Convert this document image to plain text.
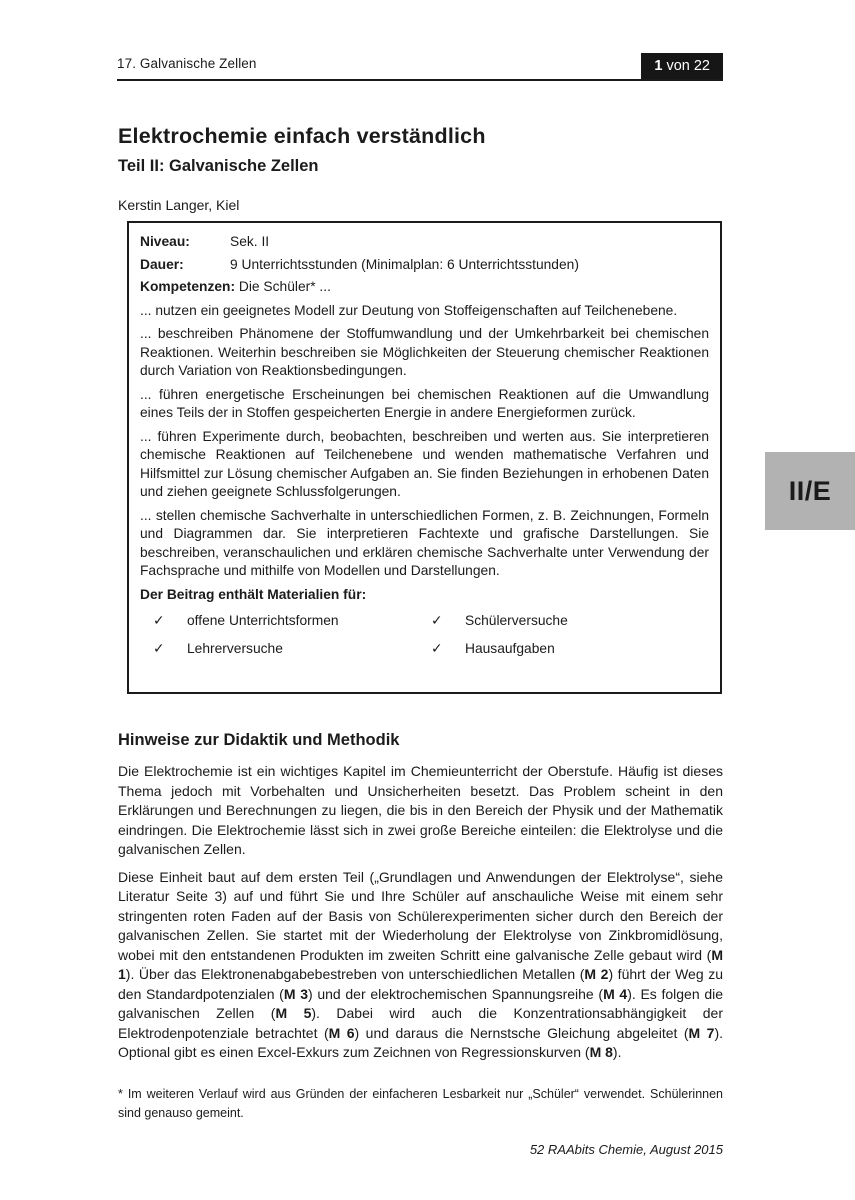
17. Galvanische Zellen	1 von 22
Elektrochemie einfach verständlich
Teil II: Galvanische Zellen
Kerstin Langer, Kiel
Niveau:	Sek. II
Dauer:	9 Unterrichtsstunden (Minimalplan: 6 Unterrichtsstunden)
Kompetenzen: Die Schüler* ...
... nutzen ein geeignetes Modell zur Deutung von Stoffeigenschaften auf Teilchenebene.
... beschreiben Phänomene der Stoffumwandlung und der Umkehrbarkeit bei chemischen Reaktionen. Weiterhin beschreiben sie Möglichkeiten der Steuerung chemischer Reaktionen durch Variation von Reaktionsbedingungen.
... führen energetische Erscheinungen bei chemischen Reaktionen auf die Umwandlung eines Teils der in Stoffen gespeicherten Energie in andere Energieformen zurück.
... führen Experimente durch, beobachten, beschreiben und werten aus. Sie interpretieren chemische Reaktionen auf Teilchenebene und wenden mathematische Verfahren und Hilfsmittel zur Lösung chemischer Aufgaben an. Sie finden Beziehungen in erhobenen Daten und ziehen geeignete Schlussfolgerungen.
... stellen chemische Sachverhalte in unterschiedlichen Formen, z. B. Zeichnungen, Formeln und Diagrammen dar. Sie interpretieren Fachtexte und grafische Darstellungen. Sie beschreiben, veranschaulichen und erklären chemische Sachverhalte unter Verwendung der Fachsprache und mithilfe von Modellen und Darstellungen.
Der Beitrag enthält Materialien für:
✓	offene Unterrichtsformen	✓	Schülerversuche
✓	Lehrerversuche	✓	Hausaufgaben
II/E
Hinweise zur Didaktik und Methodik

Die Elektrochemie ist ein wichtiges Kapitel im Chemieunterricht der Oberstufe. Häufig ist dieses Thema jedoch mit Vorbehalten und Unsicherheiten besetzt. Das Problem scheint in den Erklärungen und Berechnungen zu liegen, die bis in den Bereich der Physik und der Mathematik eindringen. Die Elektrochemie lässt sich in zwei große Bereiche einteilen: die Elektrolyse und die galvanischen Zellen.

Diese Einheit baut auf dem ersten Teil („Grundlagen und Anwendungen der Elektrolyse“, siehe Literatur Seite 3) auf und führt Sie und Ihre Schüler auf anschauliche Weise mit einem sehr stringenten roten Faden auf der Basis von Schülerexperimenten sicher durch den Bereich der galvanischen Zellen. Sie startet mit der Wiederholung der Elektrolyse von Zinkbromidlösung, wobei mit den entstandenen Produkten im zweiten Schritt eine galvanische Zelle gebaut wird (M 1). Über das Elektronenabgabebestreben von unterschiedlichen Metallen (M 2) führt der Weg zu den Standardpotenzialen (M 3) und der elektrochemischen Spannungsreihe (M 4). Es folgen die galvanischen Zellen (M 5). Dabei wird auch die Konzentrationsabhängigkeit der Elektrodenpotenziale betrachtet (M 6) und daraus die Nernstsche Gleichung abgeleitet (M 7). Optional gibt es einen Excel-Exkurs zum Zeichnen von Regressionskurven (M 8).

* Im weiteren Verlauf wird aus Gründen der einfacheren Lesbarkeit nur „Schüler“ verwendet. Schülerinnen sind genauso gemeint.
52 RAAbits Chemie, August 2015
